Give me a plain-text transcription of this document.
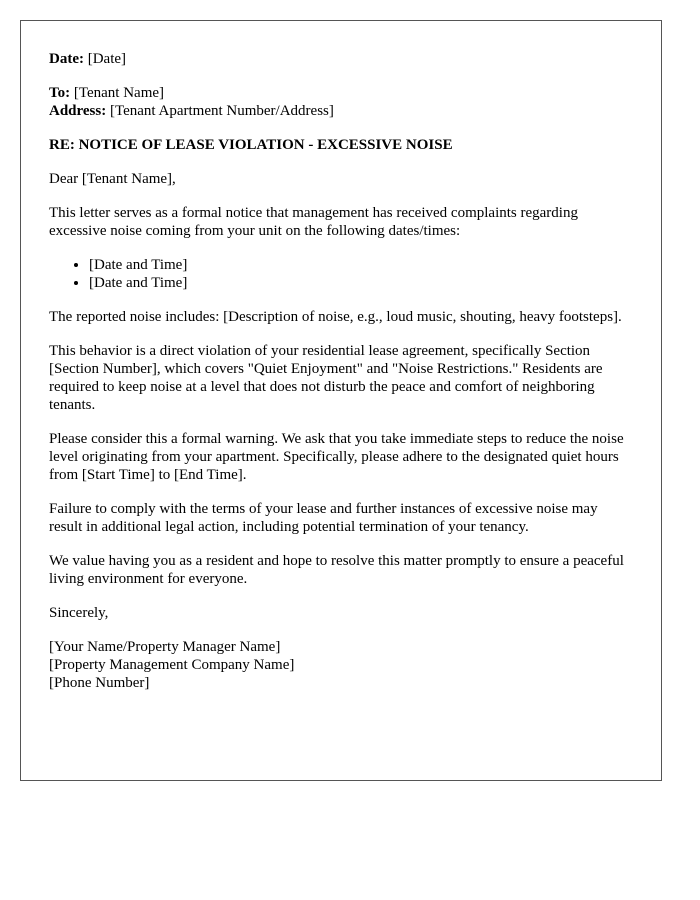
Date: [Date]

To: [Tenant Name]

Address: [Tenant Apartment Number/Address]

RE: NOTICE OF LEASE VIOLATION - EXCESSIVE NOISE

Dear [Tenant Name],

This letter serves as a formal notice that management has received complaints regarding excessive noise coming from your unit on the following dates/times:

• [Date and Time]
• [Date and Time]

The reported noise includes: [Description of noise, e.g., loud music, shouting, heavy footsteps].

This behavior is a direct violation of your residential lease agreement, specifically Section [Section Number], which covers "Quiet Enjoyment" and "Noise Restrictions." Residents are required to keep noise at a level that does not disturb the peace and comfort of neighboring tenants.

Please consider this a formal warning. We ask that you take immediate steps to reduce the noise level originating from your apartment. Specifically, please adhere to the designated quiet hours from [Start Time] to [End Time].

Failure to comply with the terms of your lease and further instances of excessive noise may result in additional legal action, including potential termination of your tenancy.

We value having you as a resident and hope to resolve this matter promptly to ensure a peaceful living environment for everyone.

Sincerely,

[Your Name/Property Manager Name]

[Property Management Company Name]

[Phone Number]
